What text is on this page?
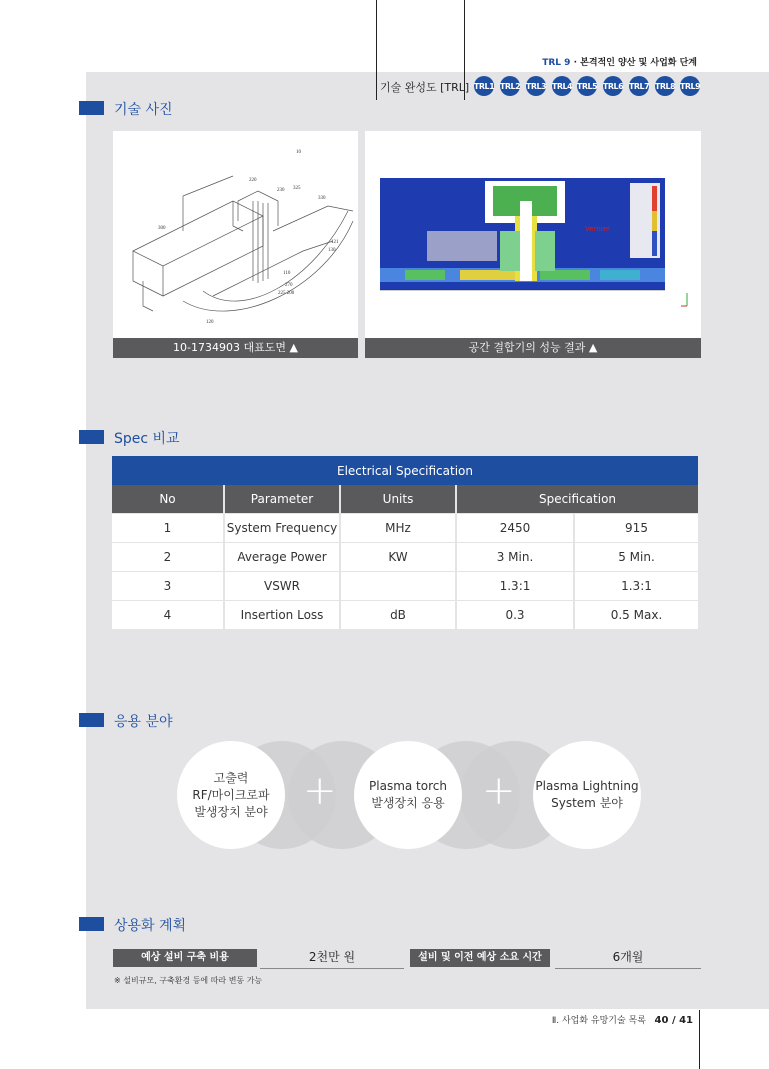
TRL 9 · 본격적인 양산 및 사업화 단계
기술 완성도 [TRL] TRL1 TRL2 TRL3 TRL4 TRL5 TRL6 TRL7 TRL8 TRL9
기술 사진
10
220
230 325
330
300
121
130
110
270
225 200
120
10-1734903 대표도면 ▲
Vernier
공간 결합기의 성능 결과 ▲
Spec 비교
Electrical Specification				
No	Parameter	Units	Specification	
1	System Frequency	MHz	2450	915
2	Average Power	KW	3 Min.	5 Min.
3	VSWR		1.3:1	1.3:1
4	Insertion Loss	dB	0.3	0.5 Max.
응용 분야
+	+
고출력
RF/마이크로파
발생장치 분야
Plasma torch
발생장치 응용
Plasma Lightning
System 분야
상용화 계획
예상 설비 구축 비용	2천만 원	설비 및 이전 예상 소요 시간	6개월
※ 설비규모, 구축환경 등에 따라 변동 가능
Ⅱ. 사업화 유망기술 목록 40 / 41
